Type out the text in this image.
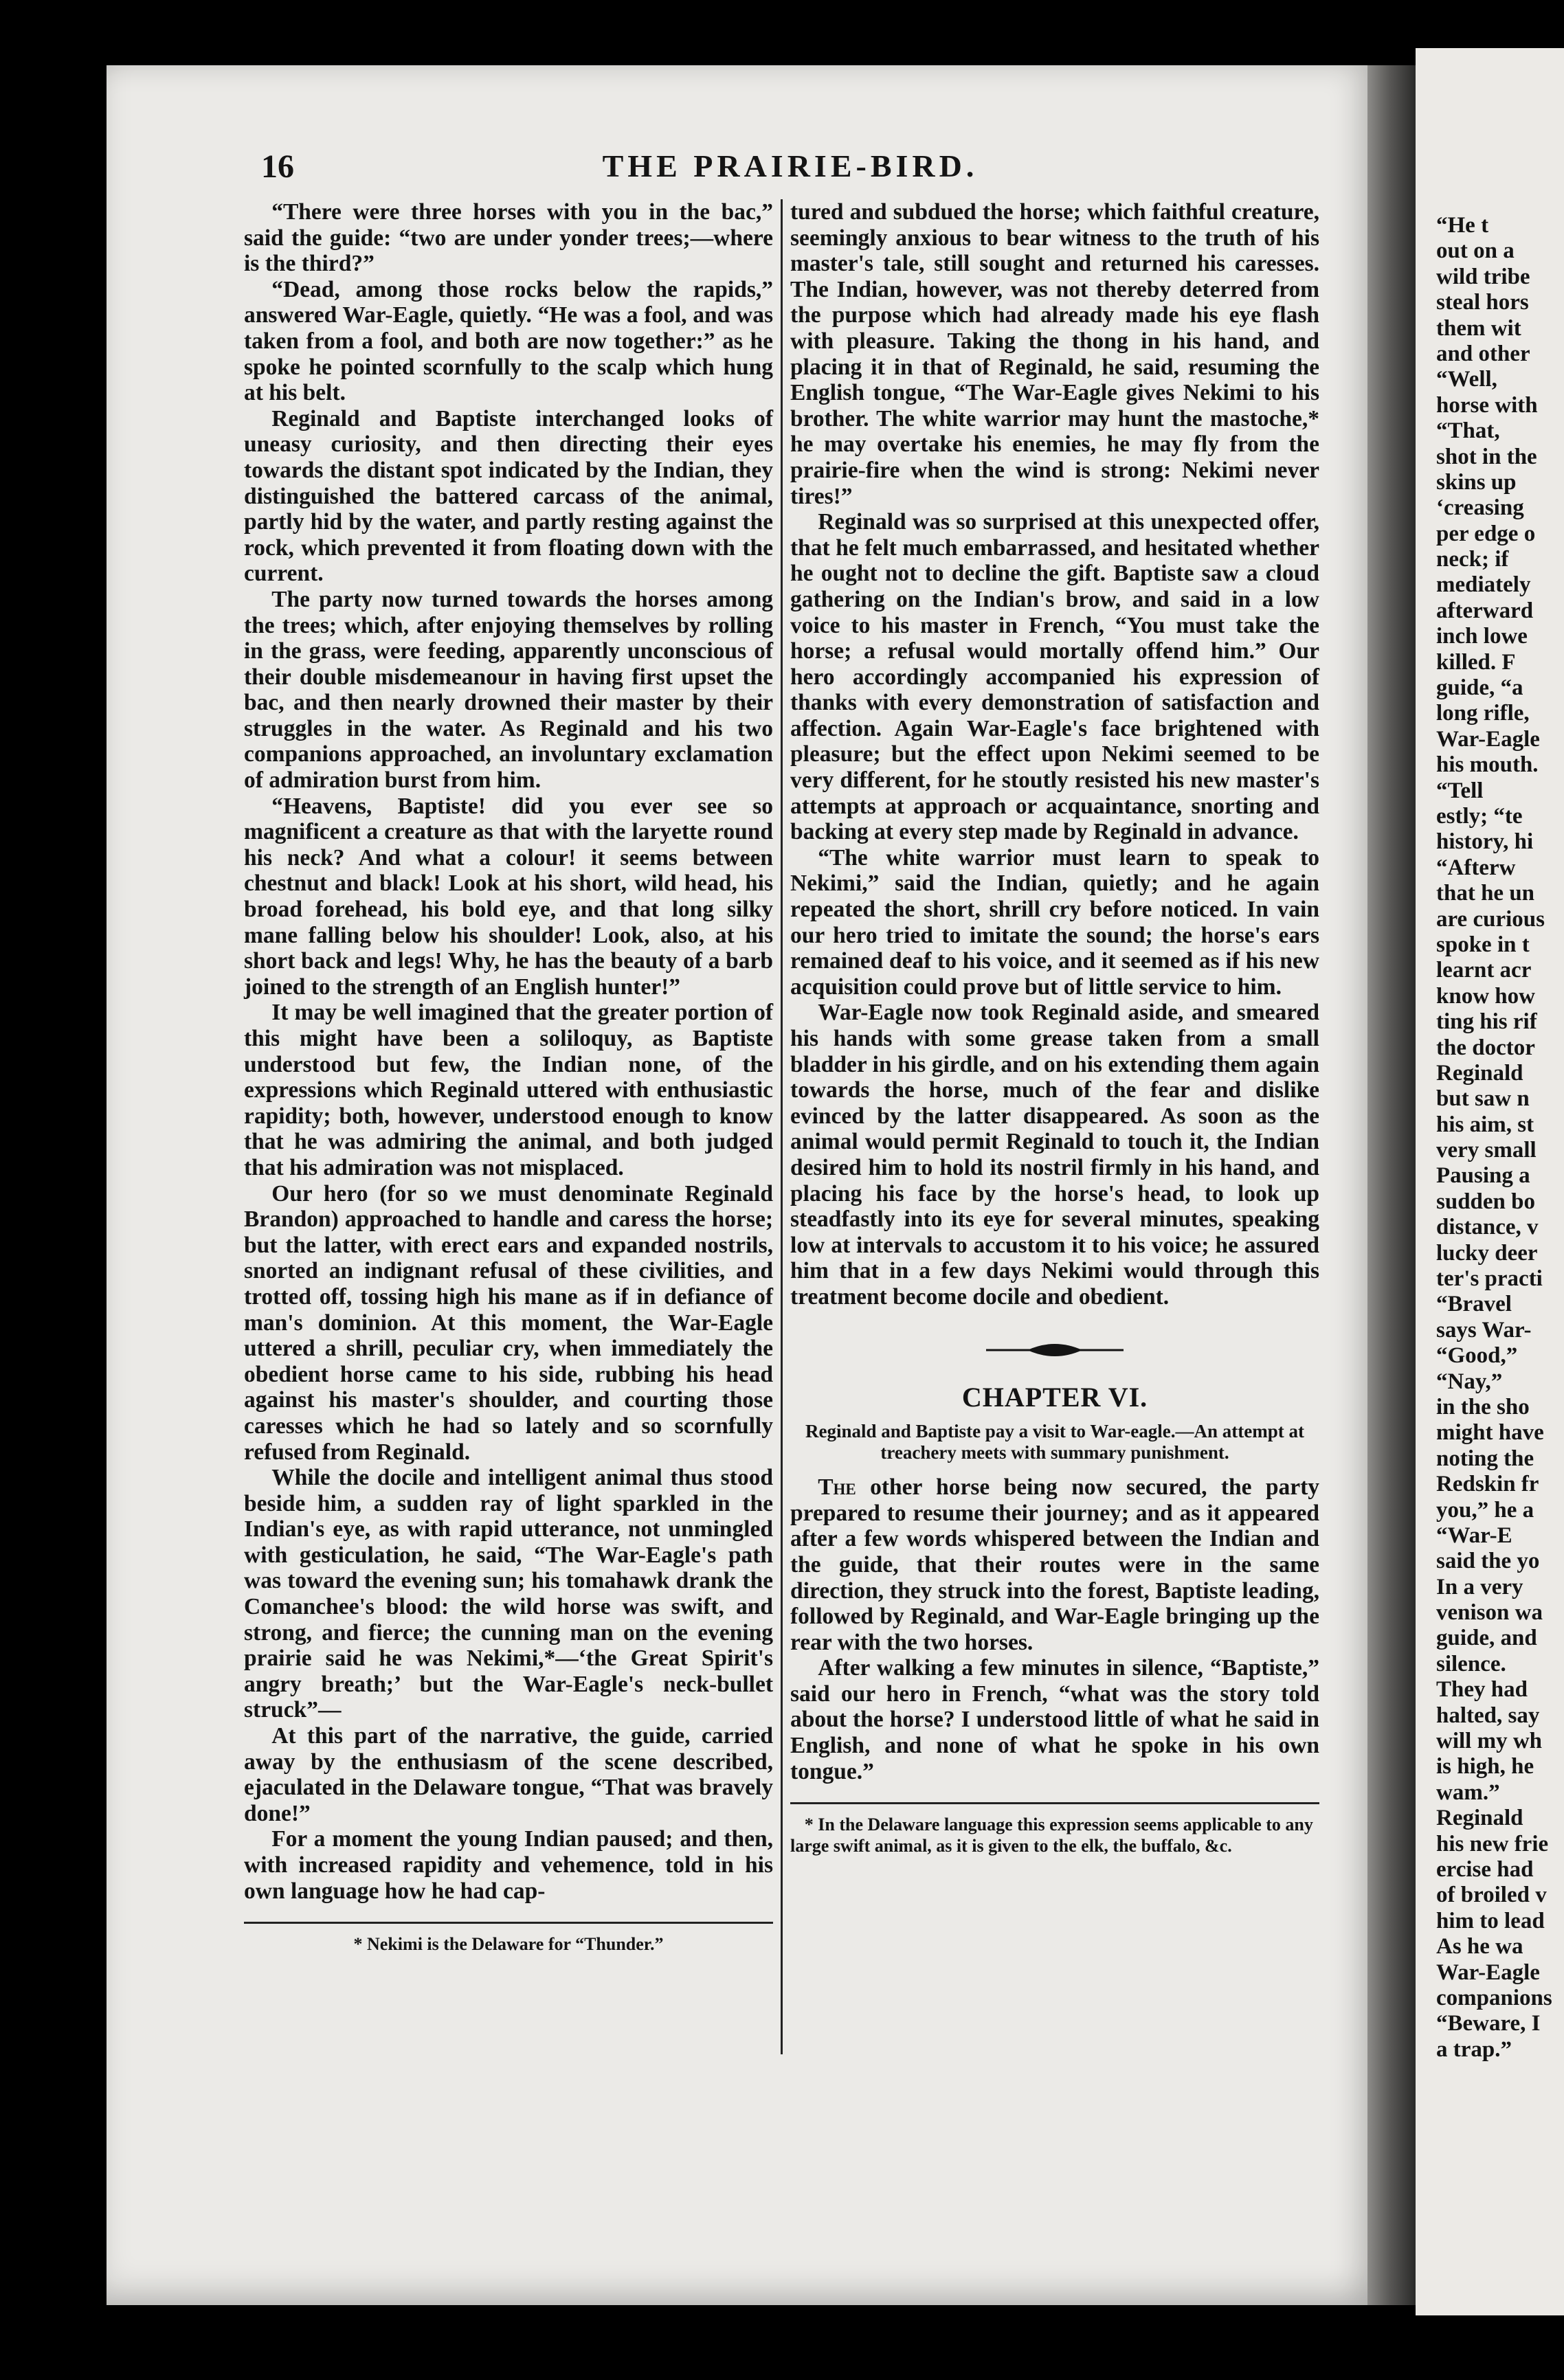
16	THE PRAIRIE-BIRD.

“There were three horses with you in the bac,” said the guide: “two are under yonder trees;—where is the third?”

“Dead, among those rocks below the rapids,” answered War-Eagle, quietly. “He was a fool, and was taken from a fool, and both are now together:” as he spoke he pointed scornfully to the scalp which hung at his belt.

Reginald and Baptiste interchanged looks of uneasy curiosity, and then directing their eyes towards the distant spot indicated by the Indian, they distinguished the battered carcass of the animal, partly hid by the water, and partly resting against the rock, which prevented it from floating down with the current.

The party now turned towards the horses among the trees; which, after enjoying themselves by rolling in the grass, were feeding, apparently unconscious of their double misdemeanour in having first upset the bac, and then nearly drowned their master by their struggles in the water. As Reginald and his two companions approached, an involuntary exclamation of admiration burst from him.

“Heavens, Baptiste! did you ever see so magnificent a creature as that with the laryette round his neck? And what a colour! it seems between chestnut and black! Look at his short, wild head, his broad forehead, his bold eye, and that long silky mane falling below his shoulder! Look, also, at his short back and legs! Why, he has the beauty of a barb joined to the strength of an English hunter!”

It may be well imagined that the greater portion of this might have been a soliloquy, as Baptiste understood but few, the Indian none, of the expressions which Reginald uttered with enthusiastic rapidity; both, however, understood enough to know that he was admiring the animal, and both judged that his admiration was not misplaced.

Our hero (for so we must denominate Reginald Brandon) approached to handle and caress the horse; but the latter, with erect ears and expanded nostrils, snorted an indignant refusal of these civilities, and trotted off, tossing high his mane as if in defiance of man's dominion. At this moment, the War-Eagle uttered a shrill, peculiar cry, when immediately the obedient horse came to his side, rubbing his head against his master's shoulder, and courting those caresses which he had so lately and so scornfully refused from Reginald.

While the docile and intelligent animal thus stood beside him, a sudden ray of light sparkled in the Indian's eye, as with rapid utterance, not unmingled with gesticulation, he said, “The War-Eagle's path was toward the evening sun; his tomahawk drank the Comanchee's blood: the wild horse was swift, and strong, and fierce; the cunning man on the evening prairie said he was Nekimi,*—‘the Great Spirit's angry breath;’ but the War-Eagle's neck-bullet struck”—

At this part of the narrative, the guide, carried away by the enthusiasm of the scene described, ejaculated in the Delaware tongue, “That was bravely done!”

For a moment the young Indian paused; and then, with increased rapidity and vehemence, told in his own language how he had cap-

* Nekimi is the Delaware for “Thunder.”

tured and subdued the horse; which faithful creature, seemingly anxious to bear witness to the truth of his master's tale, still sought and returned his caresses. The Indian, however, was not thereby deterred from the purpose which had already made his eye flash with pleasure. Taking the thong in his hand, and placing it in that of Reginald, he said, resuming the English tongue, “The War-Eagle gives Nekimi to his brother. The white warrior may hunt the mastoche,* he may overtake his enemies, he may fly from the prairie-fire when the wind is strong: Nekimi never tires!”

Reginald was so surprised at this unexpected offer, that he felt much embarrassed, and hesitated whether he ought not to decline the gift. Baptiste saw a cloud gathering on the Indian's brow, and said in a low voice to his master in French, “You must take the horse; a refusal would mortally offend him.” Our hero accordingly accompanied his expression of thanks with every demonstration of satisfaction and affection. Again War-Eagle's face brightened with pleasure; but the effect upon Nekimi seemed to be very different, for he stoutly resisted his new master's attempts at approach or acquaintance, snorting and backing at every step made by Reginald in advance.

“The white warrior must learn to speak to Nekimi,” said the Indian, quietly; and he again repeated the short, shrill cry before noticed. In vain our hero tried to imitate the sound; the horse's ears remained deaf to his voice, and it seemed as if his new acquisition could prove but of little service to him.

War-Eagle now took Reginald aside, and smeared his hands with some grease taken from a small bladder in his girdle, and on his extending them again towards the horse, much of the fear and dislike evinced by the latter disappeared. As soon as the animal would permit Reginald to touch it, the Indian desired him to hold its nostril firmly in his hand, and placing his face by the horse's head, to look up steadfastly into its eye for several minutes, speaking low at intervals to accustom it to his voice; he assured him that in a few days Nekimi would through this treatment become docile and obedient.

CHAPTER VI.
Reginald and Baptiste pay a visit to War-eagle.—An attempt at treachery meets with summary punishment.

The other horse being now secured, the party prepared to resume their journey; and as it appeared after a few words whispered between the Indian and the guide, that their routes were in the same direction, they struck into the forest, Baptiste leading, followed by Reginald, and War-Eagle bringing up the rear with the two horses.

After walking a few minutes in silence, “Baptiste,” said our hero in French, “what was the story told about the horse? I understood little of what he said in English, and none of what he spoke in his own tongue.”

* In the Delaware language this expression seems applicable to any large swift animal, as it is given to the elk, the buffalo, &c.
“He t
out on a
wild tribe
steal hors
them wit
and other
“Well,
horse with
“That,
shot in the
skins up
‘creasing
per edge o
neck; if
mediately
afterward
inch lowe
killed. F
guide, “a
long rifle,
War-Eagle
his mouth.
“Tell
estly; “te
history, hi
“Afterw
that he un
are curious
spoke in t
learnt acr
know how
ting his rif
the doctor
Reginald
but saw n
his aim, st
very small
Pausing a
sudden bo
distance, v
lucky deer
ter's practi
“Bravel
says War-
“Good,”
“Nay,”
in the sho
might have
noting the
Redskin fr
you,” he a
“War-E
said the yo
In a very
venison wa
guide, and
silence.
They had
halted, say
will my wh
is high, he
wam.”
Reginald
his new frie
ercise had
of broiled v
him to lead
As he wa
War-Eagle
companions
“Beware, I
a trap.”
